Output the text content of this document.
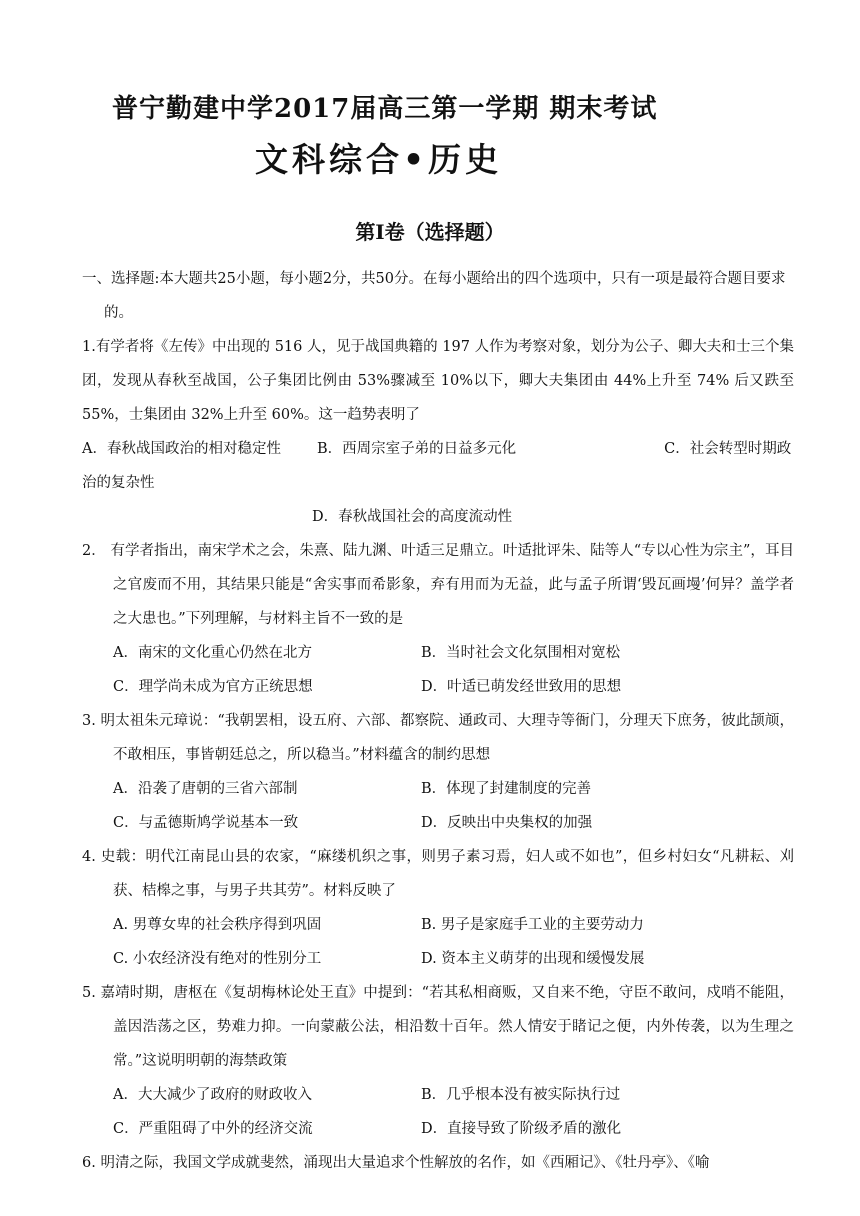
普宁勤建中学2017届高三第一学期 期末考试
文科综合•历史
第Ⅰ卷（选择题）

一、选择题:本大题共25小题，每小题2分，共50分。在每小题给出的四个选项中，只有一项是最符合题目要求的。

1.有学者将《左传》中出现的 516 人，见于战国典籍的 197 人作为考察对象，划分为公子、卿大夫和士三个集团，发现从春秋至战国，公子集团比例由 53%骤减至 10%以下，卿大夫集团由 44%上升至 74% 后又跌至 55%，士集团由 32%上升至 60%。这一趋势表明了

A．春秋战国政治的相对稳定性 B．西周宗室子弟的日益多元化	C．社会转型时期政治的复杂性
D．春秋战国社会的高度流动性

2． 有学者指出，南宋学术之会，朱熹、陆九渊、叶适三足鼎立。叶适批评朱、陆等人“专以心性为宗主”，耳目之官废而不用，其结果只能是“舍实事而希影象，弃有用而为无益，此与孟子所谓‘毁瓦画墁’何异？盖学者之大患也。”下列理解，与材料主旨不一致的是

A．南宋的文化重心仍然在北方	B．当时社会文化氛围相对宽松
C．理学尚未成为官方正统思想	D．叶适已萌发经世致用的思想

3. 明太祖朱元璋说：“我朝罢相，设五府、六部、都察院、通政司、大理寺等衙门，分理天下庶务，彼此颉颃，不敢相压，事皆朝廷总之，所以稳当。”材料蕴含的制约思想

A．沿袭了唐朝的三省六部制	B．体现了封建制度的完善
C．与孟德斯鸠学说基本一致	D．反映出中央集权的加强

4. 史载：明代江南昆山县的农家，“麻缕机织之事，则男子素习焉，妇人或不如也”，但乡村妇女“凡耕耘、刈获、桔槔之事，与男子共其劳”。材料反映了

A. 男尊女卑的社会秩序得到巩固	B. 男子是家庭手工业的主要劳动力
C. 小农经济没有绝对的性别分工	D. 资本主义萌芽的出现和缓慢发展

5. 嘉靖时期，唐枢在《复胡梅林论处王直》中提到：“若其私相商贩，又自来不绝，守臣不敢问，戍哨不能阻，盖因浩荡之区，势难力抑。一向蒙蔽公法，相沿数十百年。然人情安于睹记之便，内外传袭，以为生理之常。”这说明明朝的海禁政策

A．大大减少了政府的财政收入	B．几乎根本没有被实际执行过
C．严重阻碍了中外的经济交流	D．直接导致了阶级矛盾的激化

6. 明清之际，我国文学成就斐然，涌现出大量追求个性解放的名作，如《西厢记》、《牡丹亭》、《喻
